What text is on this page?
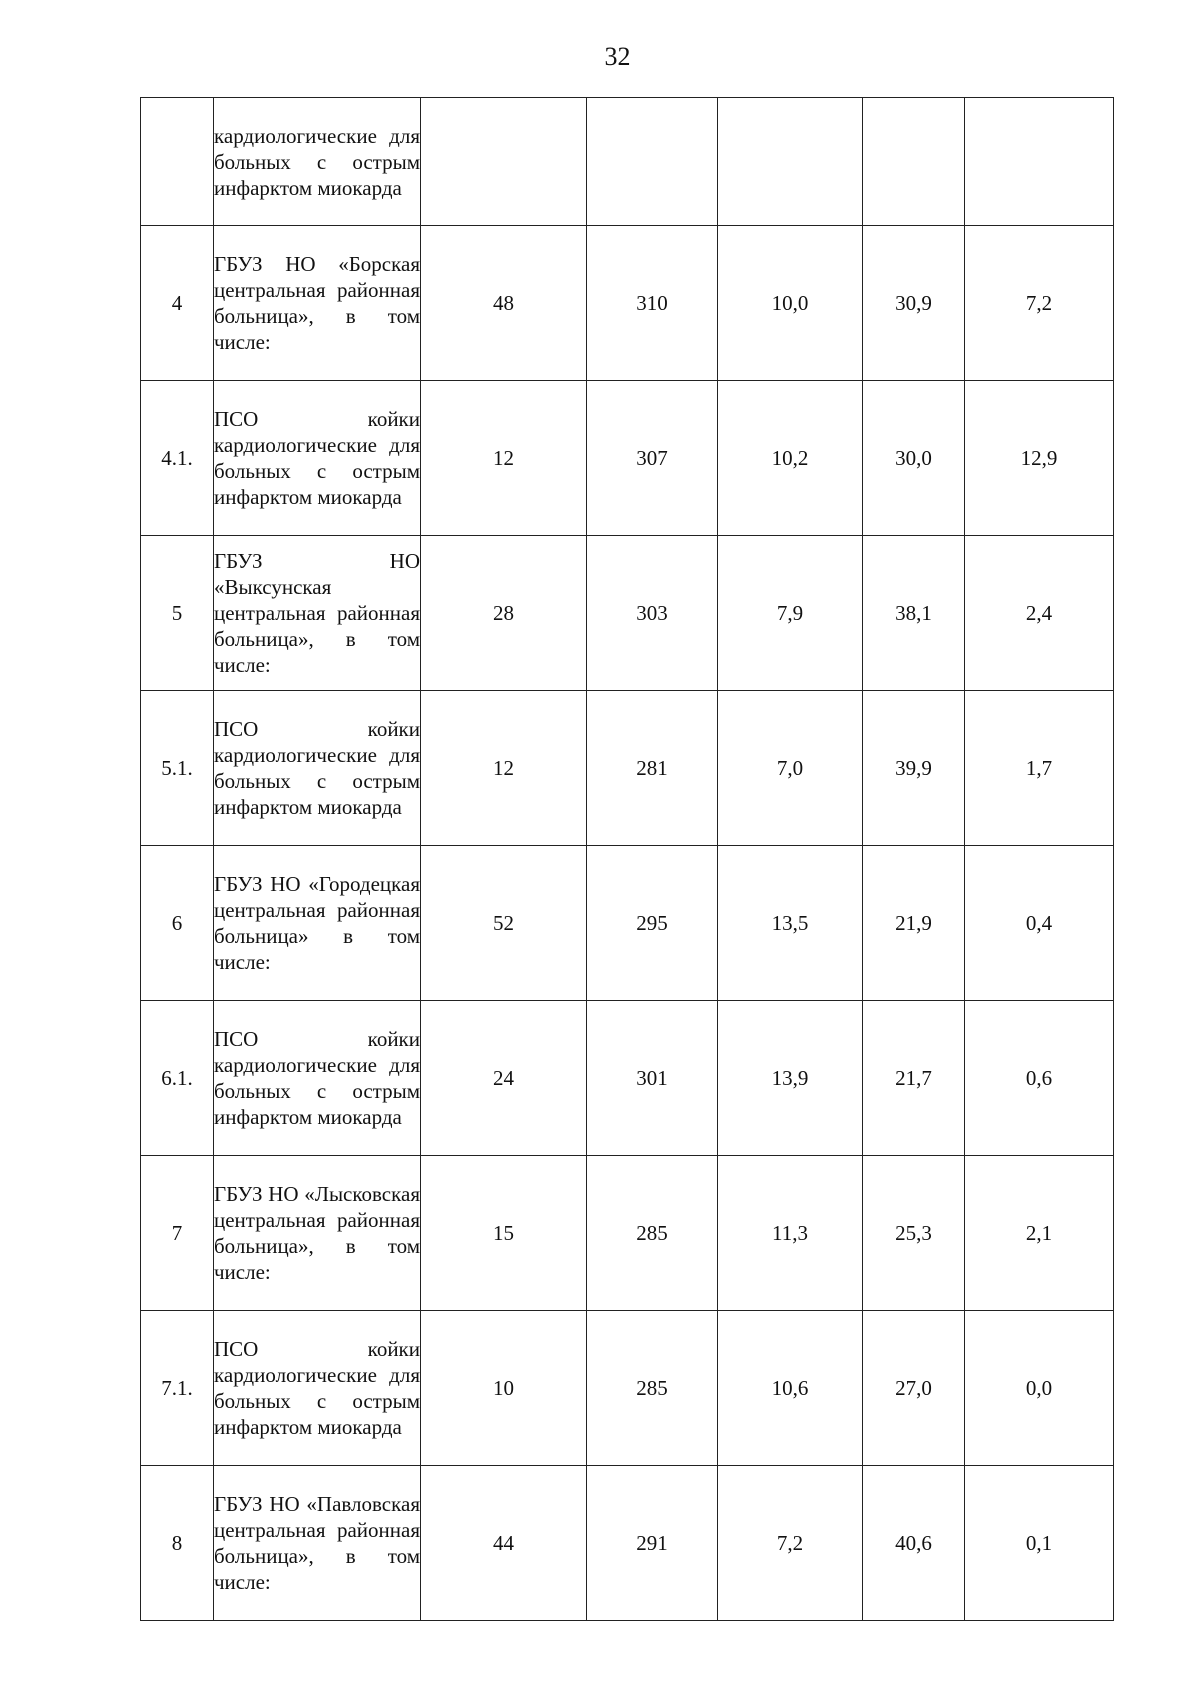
32

	кардиологические для больных с острым инфарктом миокарда					

4	ГБУЗ НО «Борская центральная районная больница», в том числе:	48	310	10,0	30,9	7,2
4.1.	ПСО койки кардиологические для больных с острым инфарктом миокарда	12	307	10,2	30,0	12,9
5	ГБУЗ НО «Выксунская центральная районная больница», в том числе:	28	303	7,9	38,1	2,4
5.1.	ПСО койки кардиологические для больных с острым инфарктом миокарда	12	281	7,0	39,9	1,7
6	ГБУЗ НО «Городецкая центральная районная больница» в том числе:	52	295	13,5	21,9	0,4
6.1.	ПСО койки кардиологические для больных с острым инфарктом миокарда	24	301	13,9	21,7	0,6
7	ГБУЗ НО «Лысковская центральная районная больница», в том числе:	15	285	11,3	25,3	2,1
7.1.	ПСО койки кардиологические для больных с острым инфарктом миокарда	10	285	10,6	27,0	0,0
8	ГБУЗ НО «Павловская центральная районная больница», в том числе:	44	291	7,2	40,6	0,1
